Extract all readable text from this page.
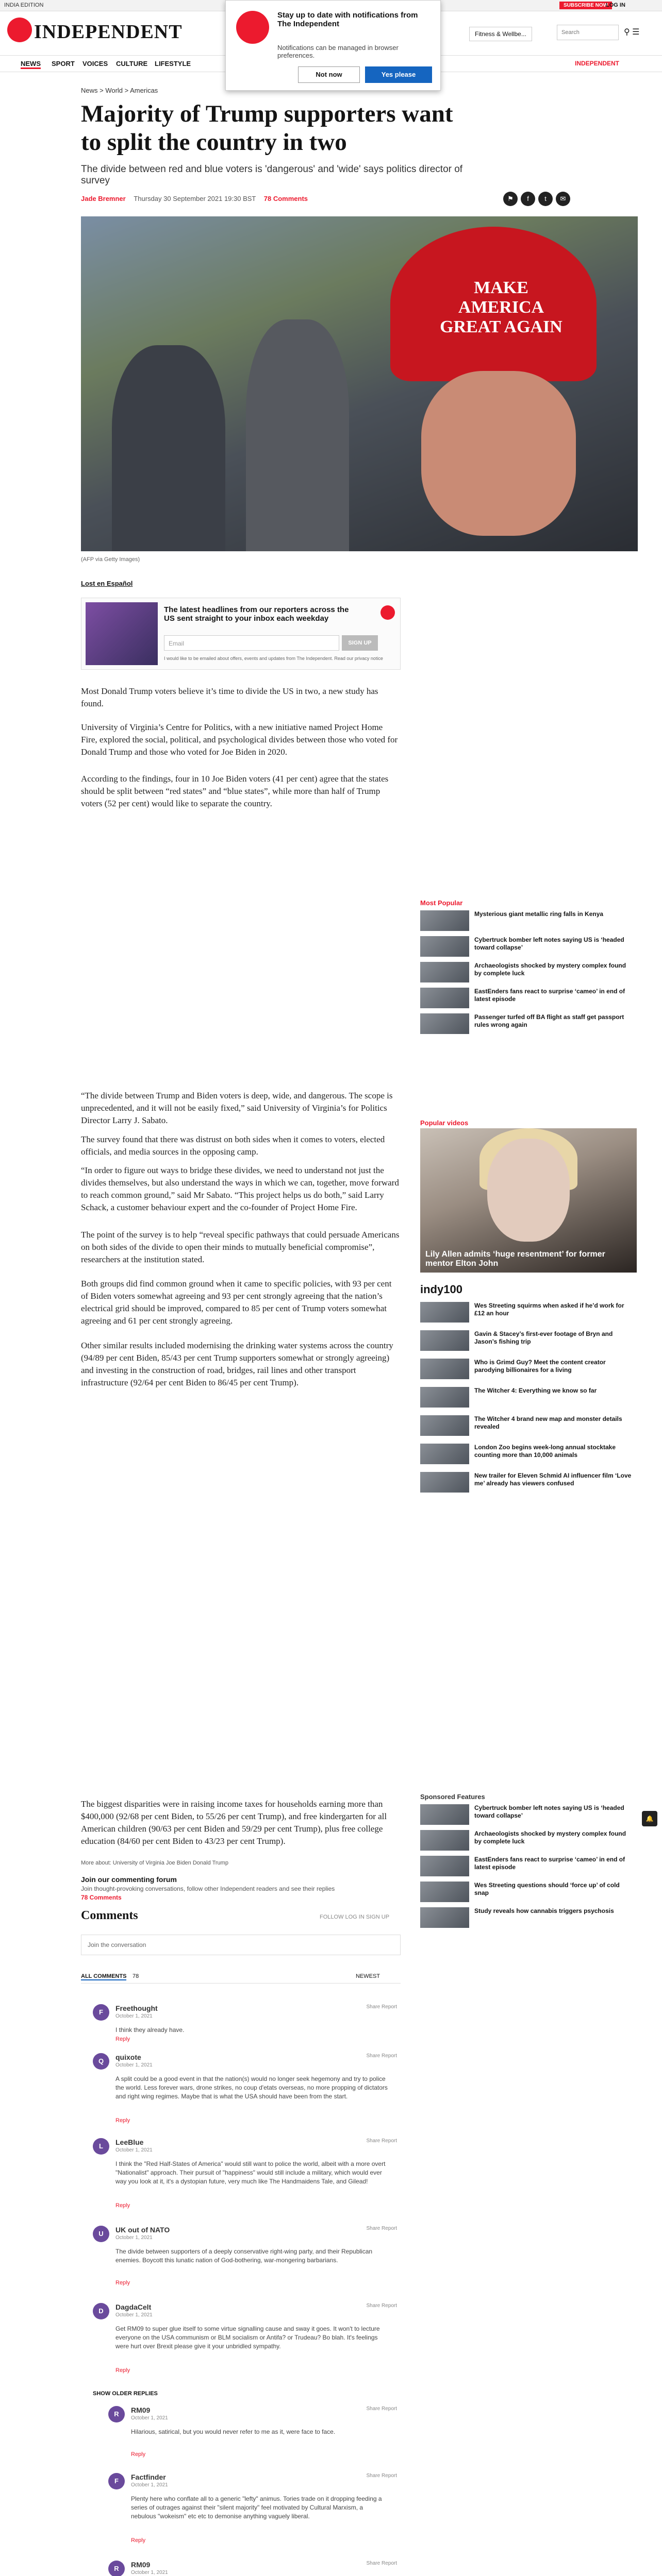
INDIA EDITION	SUBSCRIBE NOW
LOG IN
INDEPENDENT	Fitness & Wellbe...	Search	⚲ ☰
NEWS SPORT VOICES CULTURE LIFESTYLE	INDEPENDENT
News > World > Americas
Majority of Trump supporters want to split the country in two
The divide between red and blue voters is 'dangerous' and 'wide' says politics director of survey
Jade Bremner Thursday 30 September 2021 19:30 BST 78 Comments	⚑ f t ✉
MAKE AMERICA GREAT AGAIN
(AFP via Getty Images)
Lost en Español
The latest headlines from our reporters across the US sent straight to your inbox each weekday
Email	SIGN UP
I would like to be emailed about offers, events and updates from The Independent. Read our privacy notice

Most Donald Trump voters believe it’s time to divide the US in two, a new study has found.

University of Virginia’s Centre for Politics, with a new initiative named Project Home Fire, explored the social, political, and psychological divides between those who voted for Donald Trump and those who voted for Joe Biden in 2020.

According to the findings, four in 10 Joe Biden voters (41 per cent) agree that the states should be split between “red states” and “blue states”, while more than half of Trump voters (52 per cent) would like to separate the country.

“The divide between Trump and Biden voters is deep, wide, and dangerous. The scope is unprecedented, and it will not be easily fixed,” said University of Virginia’s for Politics Director Larry J. Sabato.

The survey found that there was distrust on both sides when it comes to voters, elected officials, and media sources in the opposing camp.

“In order to figure out ways to bridge these divides, we need to understand not just the divides themselves, but also understand the ways in which we can, together, move forward to reach common ground,” said Mr Sabato. “This project helps us do both,” said Larry Schack, a customer behaviour expert and the co-founder of Project Home Fire.

The point of the survey is to help “reveal specific pathways that could persuade Americans on both sides of the divide to open their minds to mutually beneficial compromise”, researchers at the institution stated.

Both groups did find common ground when it came to specific policies, with 93 per cent of Biden voters somewhat agreeing and 93 per cent strongly agreeing that the nation’s electrical grid should be improved, compared to 85 per cent of Trump voters somewhat agreeing and 61 per cent strongly agreeing.

Other similar results included modernising the drinking water systems across the country (94/89 per cent Biden, 85/43 per cent Trump supporters somewhat or strongly agreeing) and investing in the construction of road, bridges, rail lines and other transport infrastructure (92/64 per cent Biden to 86/45 per cent Trump).

The biggest disparities were in raising income taxes for households earning more than $400,000 (92/68 per cent Biden, to 55/26 per cent Trump), and free kindergarten for all American children (90/63 per cent Biden and 59/29 per cent Trump), plus free college education (84/60 per cent Biden to 43/23 per cent Trump).

More about: University of Virginia Joe Biden Donald Trump
Most Popular
Mysterious giant metallic ring falls in Kenya
Cybertruck bomber left notes saying US is ‘headed toward collapse’
Archaeologists shocked by mystery complex found by complete luck
EastEnders fans react to surprise ‘cameo’ in end of latest episode
Passenger turfed off BA flight as staff get passport rules wrong again
Popular videos
Lily Allen admits ‘huge resentment’ for former mentor Elton John
indy100
Wes Streeting squirms when asked if he’d work for £12 an hour
Gavin & Stacey’s first-ever footage of Bryn and Jason’s fishing trip
Who is Grimd Guy? Meet the content creator parodying billionaires for a living
The Witcher 4: Everything we know so far
The Witcher 4 brand new map and monster details revealed
London Zoo begins week-long annual stocktake counting more than 10,000 animals
New trailer for Eleven Schmid AI influencer film ‘Love me’ already has viewers confused
Sponsored Features
Cybertruck bomber left notes saying US is ‘headed toward collapse’
Archaeologists shocked by mystery complex found by complete luck
EastEnders fans react to surprise ‘cameo’ in end of latest episode
Wes Streeting questions should ‘force up’ of cold snap
Study reveals how cannabis triggers psychosis
🔔
Join our commenting forum
Join thought-provoking conversations, follow other Independent readers and see their replies
78 Comments
Comments	FOLLOW LOG IN SIGN UP
Join the conversation
ALL COMMENTS 78	NEWEST
F	Freethought
October 1, 2021
I think they already have.
Share Report
Reply
Q	quixote
October 1, 2021
A split could be a good event in that the nation(s) would no longer seek hegemony and try to police the world. Less forever wars, drone strikes, no coup d'etats overseas, no more propping of dictators and right wing regimes. Maybe that is what the USA should have been from the start.
Share Report
Reply
L	LeeBlue
October 1, 2021
I think the "Red Half-States of America" would still want to police the world, albeit with a more overt "Nationalist" approach. Their pursuit of "happiness" would still include a military, which would ever way you look at it, it's a dystopian future, very much like The Handmaidens Tale, and Gilead!
Share Report
Reply
U	UK out of NATO
October 1, 2021
The divide between supporters of a deeply conservative right-wing party, and their Republican enemies. Boycott this lunatic nation of God-bothering, war-mongering barbarians.
Share Report
Reply
D	DagdaCelt
October 1, 2021
Get RM09 to super glue itself to some virtue signalling cause and sway it goes. It won't to lecture everyone on the USA communism or BLM socialism or Antifa? or Trudeau? Bo blah. It's feelings were hurt over Brexit please give it your unbridled sympathy.
Share Report
Reply
SHOW OLDER REPLIES
R	RM09
October 1, 2021
Hilarious, satirical, but you would never refer to me as it, were face to face.
Share Report
Reply
F	Factfinder
October 1, 2021
Plenty here who conflate all to a generic "lefty" animus. Tories trade on it dropping feeding a series of outrages against their "silent majority" feel motivated by Cultural Marxism, a nebulous "wokeism" etc etc to demonise anything vaguely liberal.
Share Report
Reply
R	RM09
October 1, 2021
Share Report
Stay up to date with notifications from The Independent
Notifications can be managed in browser preferences.
Not now	Yes please
